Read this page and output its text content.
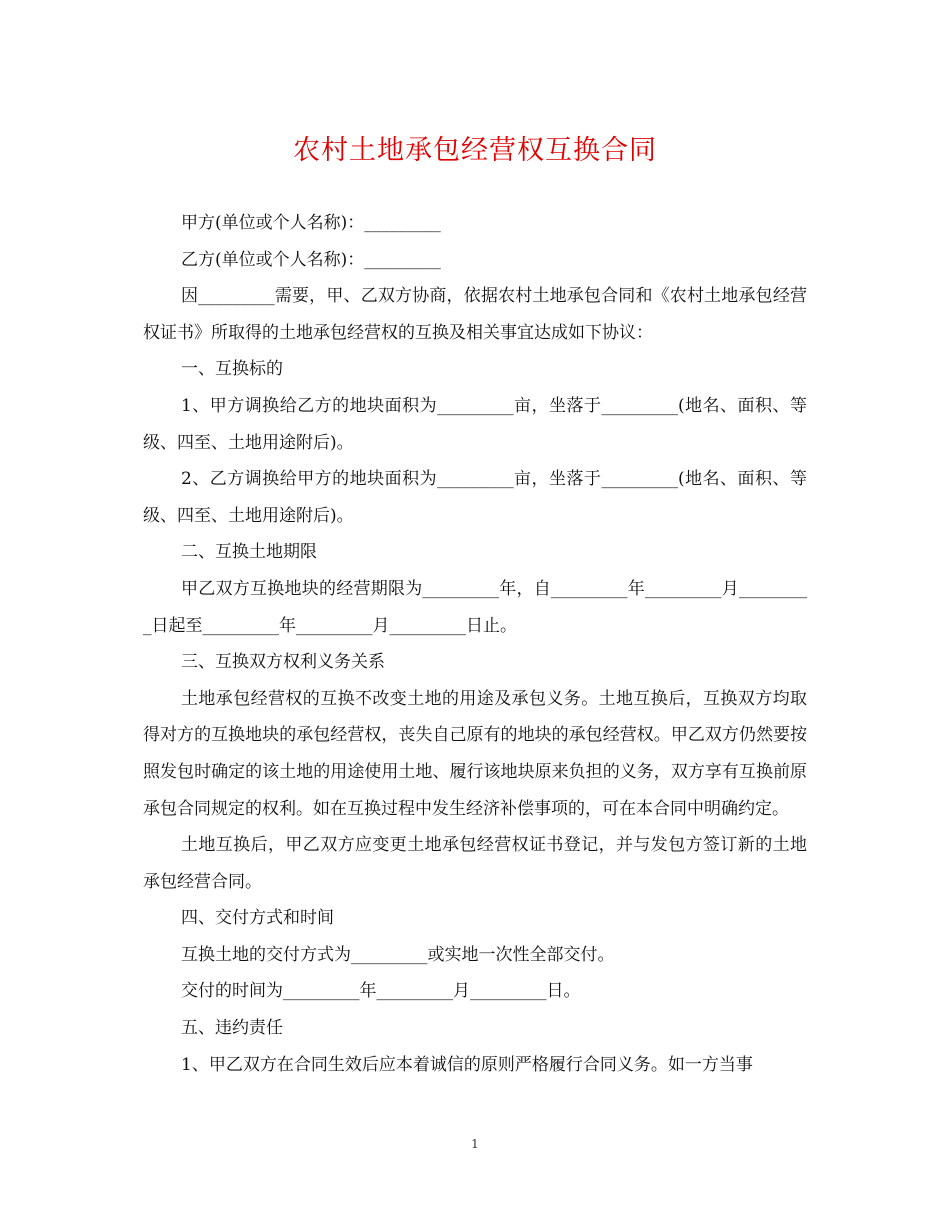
农村土地承包经营权互换合同

甲方(单位或个人名称)：_________

乙方(单位或个人名称)：_________

因_________需要，甲、乙双方协商，依据农村土地承包合同和《农村土地承包经营权证书》所取得的土地承包经营权的互换及相关事宜达成如下协议：

一、互换标的

1、甲方调换给乙方的地块面积为_________亩，坐落于_________(地名、面积、等级、四至、土地用途附后)。

2、乙方调换给甲方的地块面积为_________亩，坐落于_________(地名、面积、等级、四至、土地用途附后)。

二、互换土地期限

甲乙双方互换地块的经营期限为_________年，自_________年_________月_________日起至_________年_________月_________日止。

三、互换双方权利义务关系

土地承包经营权的互换不改变土地的用途及承包义务。土地互换后，互换双方均取得对方的互换地块的承包经营权，丧失自己原有的地块的承包经营权。甲乙双方仍然要按照发包时确定的该土地的用途使用土地、履行该地块原来负担的义务，双方享有互换前原承包合同规定的权利。如在互换过程中发生经济补偿事项的，可在本合同中明确约定。

土地互换后，甲乙双方应变更土地承包经营权证书登记，并与发包方签订新的土地承包经营合同。

四、交付方式和时间

互换土地的交付方式为_________或实地一次性全部交付。

交付的时间为_________年_________月_________日。

五、违约责任

1、甲乙双方在合同生效后应本着诚信的原则严格履行合同义务。如一方当事

1
